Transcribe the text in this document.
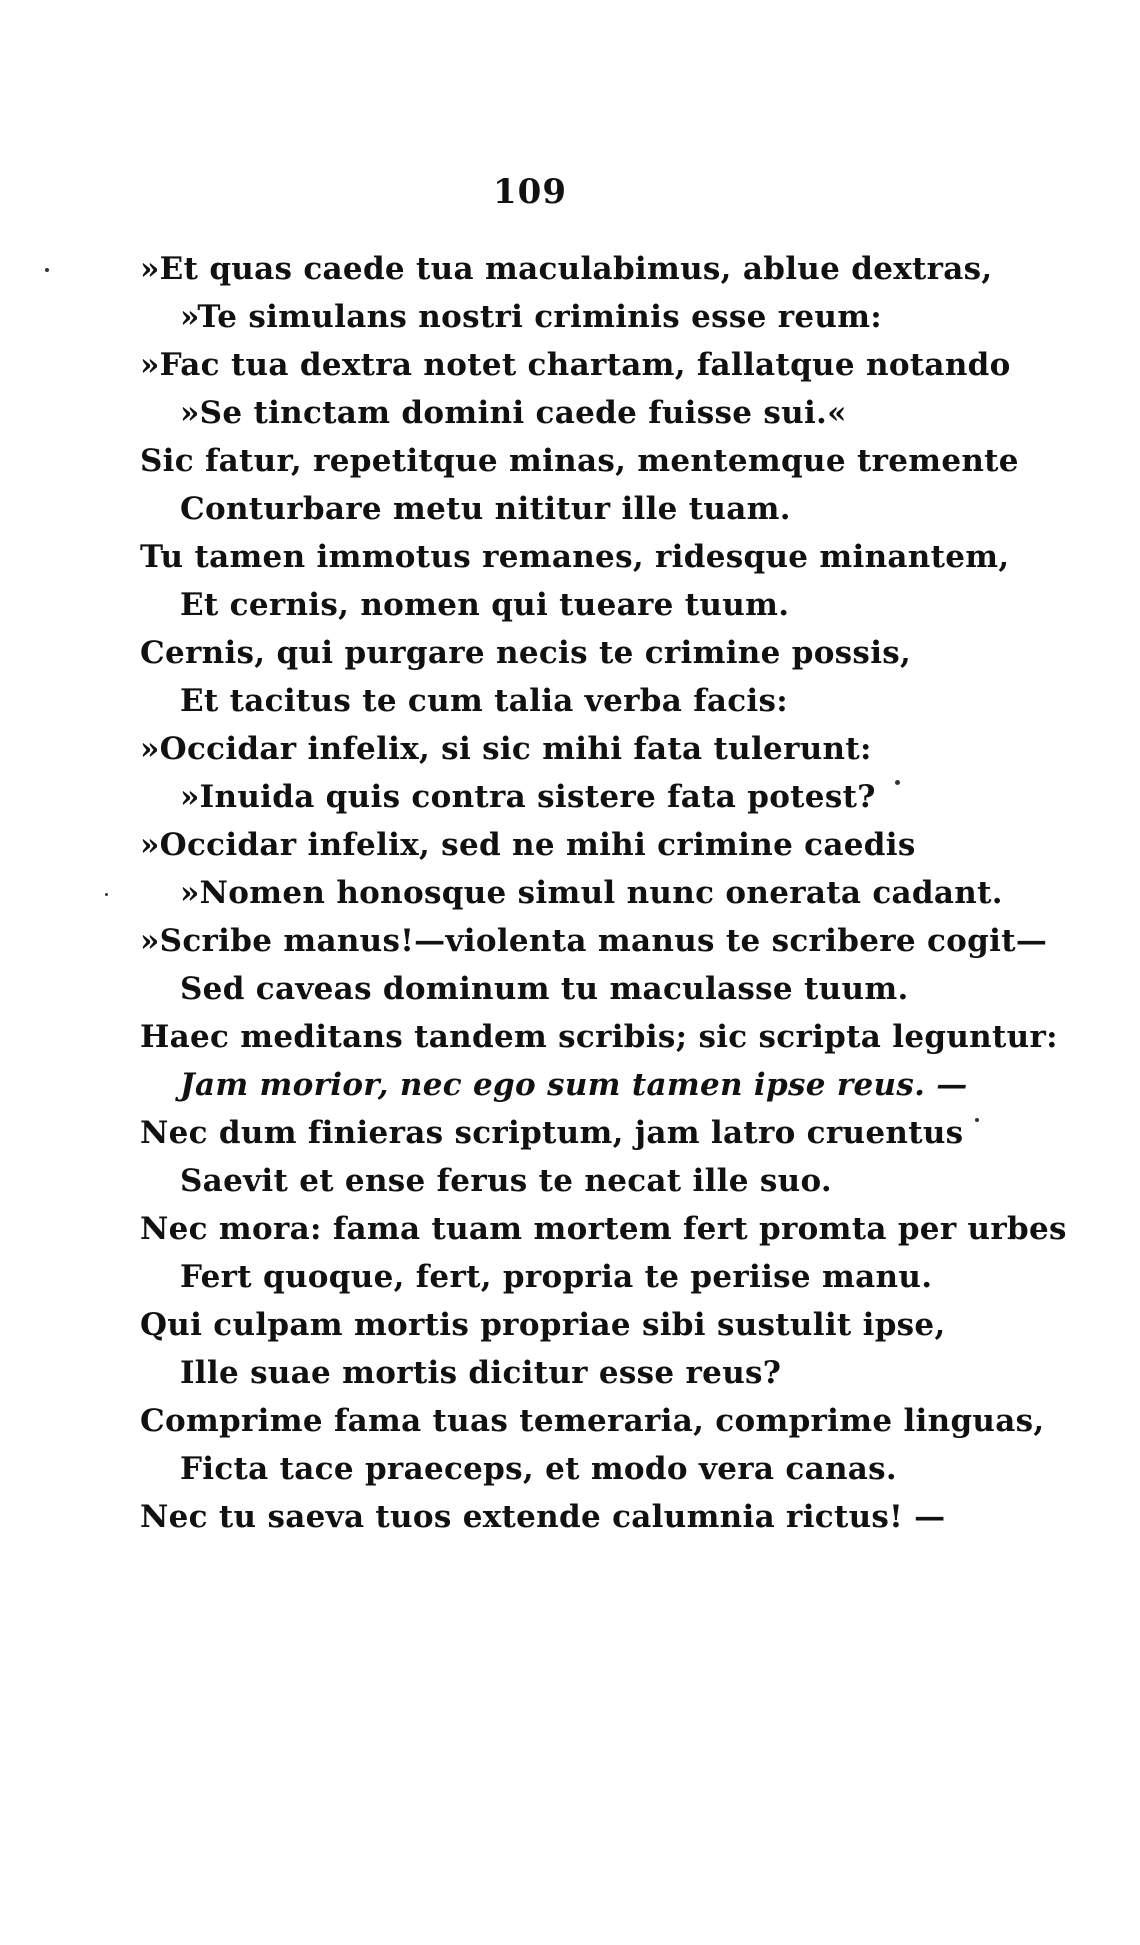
109
»Et quas caede tua maculabimus, ablue dextras,
»Te simulans nostri criminis esse reum:
»Fac tua dextra notet chartam, fallatque notando
»Se tinctam domini caede fuisse sui.«
Sic fatur, repetitque minas, mentemque tremente
Conturbare metu nititur ille tuam.
Tu tamen immotus remanes, ridesque minantem,
Et cernis, nomen qui tueare tuum.
Cernis, qui purgare necis te crimine possis,
Et tacitus te cum talia verba facis:
»Occidar infelix, si sic mihi fata tulerunt:
»Inuida quis contra sistere fata potest?
»Occidar infelix, sed ne mihi crimine caedis
»Nomen honosque simul nunc onerata cadant.
»Scribe manus!—violenta manus te scribere cogit—
Sed caveas dominum tu maculasse tuum.
Haec meditans tandem scribis; sic scripta leguntur:
Jam morior, nec ego sum tamen ipse reus. —
Nec dum finieras scriptum, jam latro cruentus
Saevit et ense ferus te necat ille suo.
Nec mora: fama tuam mortem fert promta per urbes
Fert quoque, fert, propria te periise manu.
Qui culpam mortis propriae sibi sustulit ipse,
Ille suae mortis dicitur esse reus?
Comprime fama tuas temeraria, comprime linguas,
Ficta tace praeceps, et modo vera canas.
Nec tu saeva tuos extende calumnia rictus! —
